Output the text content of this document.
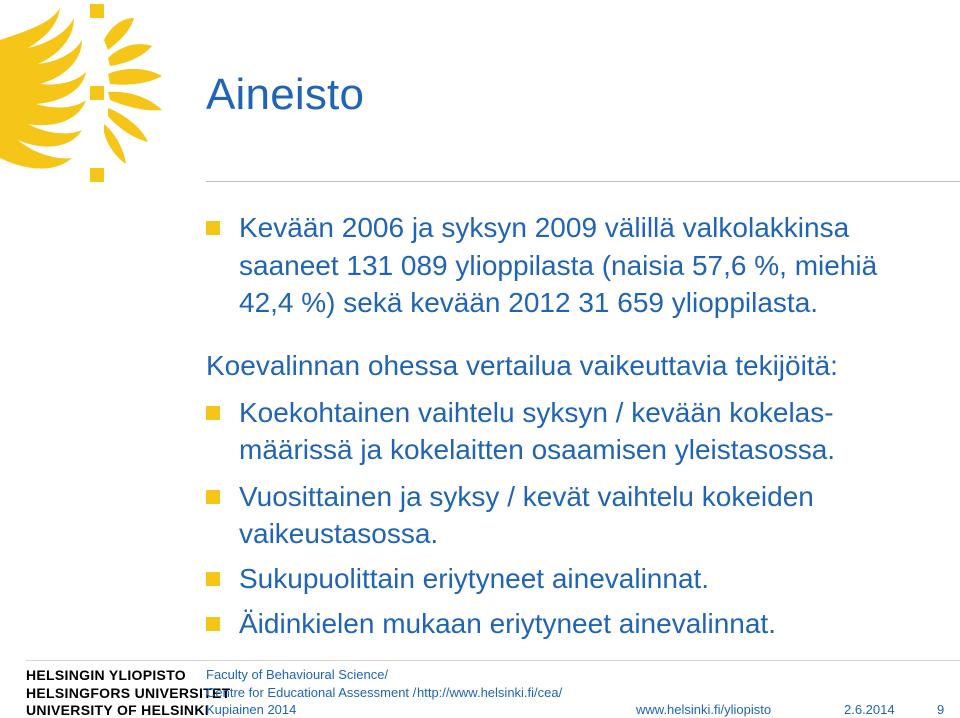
Aineisto
Kevään 2006 ja syksyn 2009 välillä valkolakkinsa
saaneet 131 089 ylioppilasta (naisia 57,6 %, miehiä
42,4 %) sekä kevään 2012 31 659 ylioppilasta.
Koevalinnan ohessa vertailua vaikeuttavia tekijöitä:
Koekohtainen vaihtelu syksyn / kevään kokelas-
määrissä ja kokelaitten osaamisen yleistasossa.
Vuosittainen ja syksy / kevät vaihtelu kokeiden
vaikeustasossa.
Sukupuolittain eriytyneet ainevalinnat.
Äidinkielen mukaan eriytyneet ainevalinnat.
HELSINGIN YLIOPISTO
HELSINGFORS UNIVERSITET
UNIVERSITY OF HELSINKI
Faculty of Behavioural Science/
Centre for Educational Assessment / http://www.helsinki.fi/cea/
Kupiainen 2014	www.helsinki.fi/yliopisto	2.6.2014	9
